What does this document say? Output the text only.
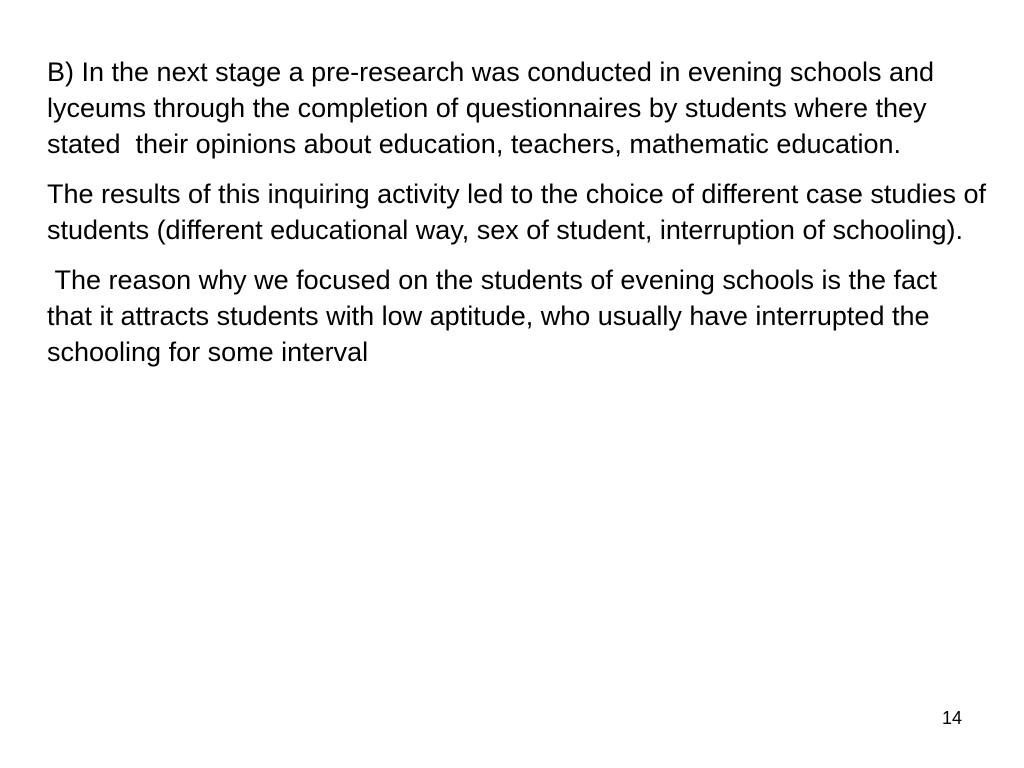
B) In the next stage a pre-research was conducted in evening schools and lyceums through the completion of questionnaires by students where they stated  their opinions about education, teachers, mathematic education.

The results of this inquiring activity led to the choice of different case studies of students (different educational way, sex of student, interruption of schooling).

The reason why we focused on the students of evening schools is the fact that it attracts students with low aptitude, who usually have interrupted the schooling for some interval

14
